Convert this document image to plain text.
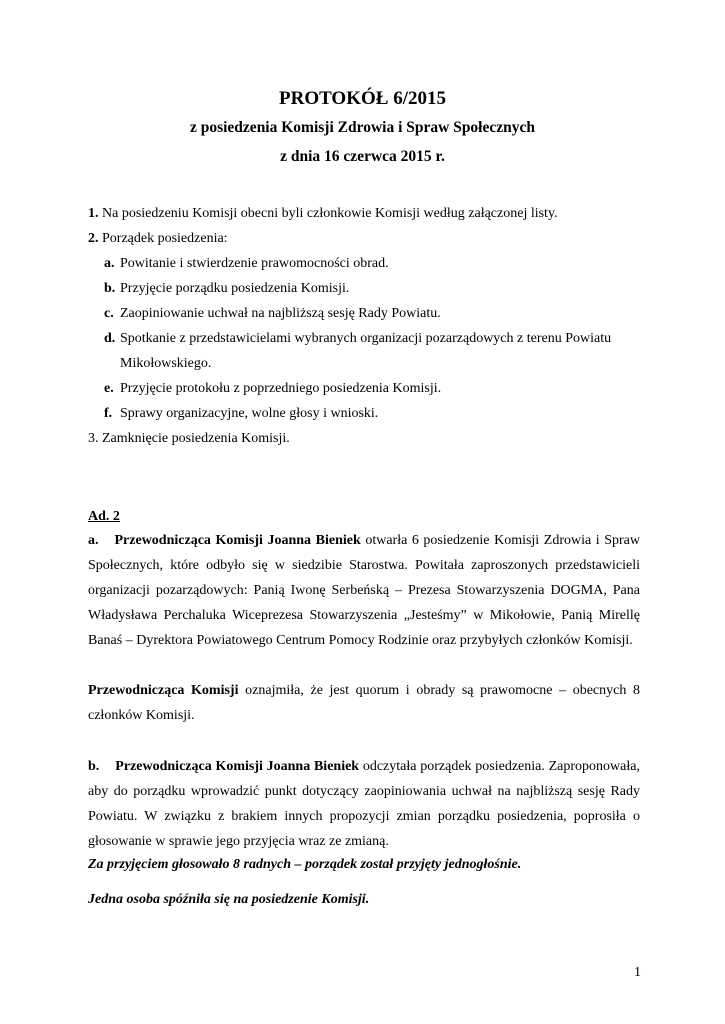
PROTOKÓŁ 6/2015
z posiedzenia Komisji Zdrowia i Spraw Społecznych
z dnia 16 czerwca 2015 r.
1. Na posiedzeniu Komisji obecni byli członkowie Komisji według załączonej listy.
2. Porządek posiedzenia:
a. Powitanie i stwierdzenie prawomocności obrad.
b. Przyjęcie porządku posiedzenia Komisji.
c. Zaopiniowanie uchwał na najbliższą sesję Rady Powiatu.
d. Spotkanie z przedstawicielami wybranych organizacji pozarządowych z terenu Powiatu Mikołowskiego.
e. Przyjęcie protokołu z poprzedniego posiedzenia Komisji.
f. Sprawy organizacyjne, wolne głosy i wnioski.
3. Zamknięcie posiedzenia Komisji.
Ad. 2
a. Przewodnicząca Komisji Joanna Bieniek otwarła 6 posiedzenie Komisji Zdrowia i Spraw Społecznych, które odbyło się w siedzibie Starostwa. Powitała zaproszonych przedstawicieli organizacji pozarządowych: Panią Iwonę Serbeńską – Prezesa Stowarzyszenia DOGMA, Pana Władysława Perchaluka Wiceprezesa Stowarzyszenia „Jesteśmy” w Mikołowie, Panią Mirellę Banaś – Dyrektora Powiatowego Centrum Pomocy Rodzinie oraz przybyłych członków Komisji.
Przewodnicząca Komisji oznajmiła, że jest quorum i obrady są prawomocne – obecnych 8 członków Komisji.
b. Przewodnicząca Komisji Joanna Bieniek odczytała porządek posiedzenia. Zaproponowała, aby do porządku wprowadzić punkt dotyczący zaopiniowania uchwał na najbliższą sesję Rady Powiatu. W związku z brakiem innych propozycji zmian porządku posiedzenia, poprosiła o głosowanie w sprawie jego przyjęcia wraz ze zmianą.
Za przyjęciem głosowało 8 radnych – porządek został przyjęty jednogłośnie.
Jedna osoba spóźniła się na posiedzenie Komisji.
1
